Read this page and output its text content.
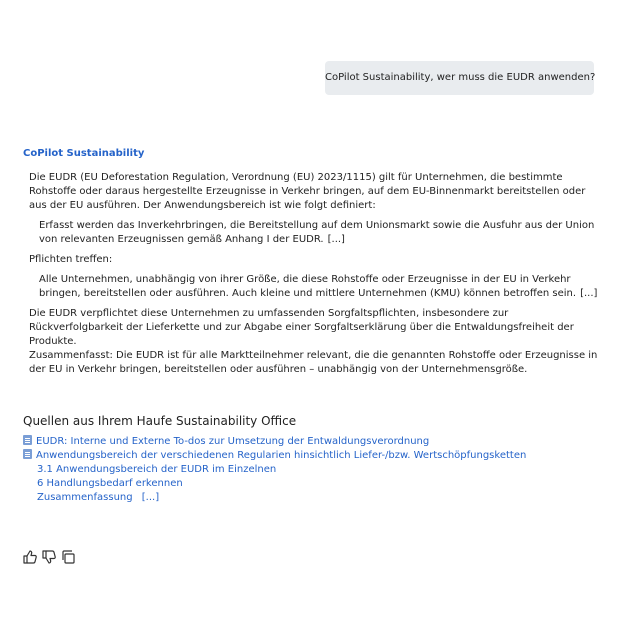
CoPilot Sustainability, wer muss die EUDR anwenden?
CoPilot Sustainability
Die EUDR (EU Deforestation Regulation, Verordnung (EU) 2023/1115) gilt für Unternehmen, die bestimmte Rohstoffe oder daraus hergestellte Erzeugnisse in Verkehr bringen, auf dem EU-Binnenmarkt bereitstellen oder aus der EU ausführen. Der Anwendungsbereich ist wie folgt definiert:
Erfasst werden das Inverkehrbringen, die Bereitstellung auf dem Unionsmarkt sowie die Ausfuhr aus der Union von relevanten Erzeugnissen gemäß Anhang I der EUDR. [...]
Pflichten treffen:
Alle Unternehmen, unabhängig von ihrer Größe, die diese Rohstoffe oder Erzeugnisse in der EU in Verkehr bringen, bereitstellen oder ausführen. Auch kleine und mittlere Unternehmen (KMU) können betroffen sein. [...]
Die EUDR verpflichtet diese Unternehmen zu umfassenden Sorgfaltspflichten, insbesondere zur Rückverfolgbarkeit der Lieferkette und zur Abgabe einer Sorgfaltserklärung über die Entwaldungsfreiheit der Produkte.
Zusammenfasst: Die EUDR ist für alle Marktteilnehmer relevant, die die genannten Rohstoffe oder Erzeugnisse in der EU in Verkehr bringen, bereitstellen oder ausführen – unabhängig von der Unternehmensgröße.
Quellen aus Ihrem Haufe Sustainability Office
EUDR: Interne und Externe To-dos zur Umsetzung der Entwaldungsverordnung
Anwendungsbereich der verschiedenen Regularien hinsichtlich Liefer-/bzw. Wertschöpfungsketten
3.1 Anwendungsbereich der EUDR im Einzelnen
6 Handlungsbedarf erkennen
Zusammenfassung [...]
